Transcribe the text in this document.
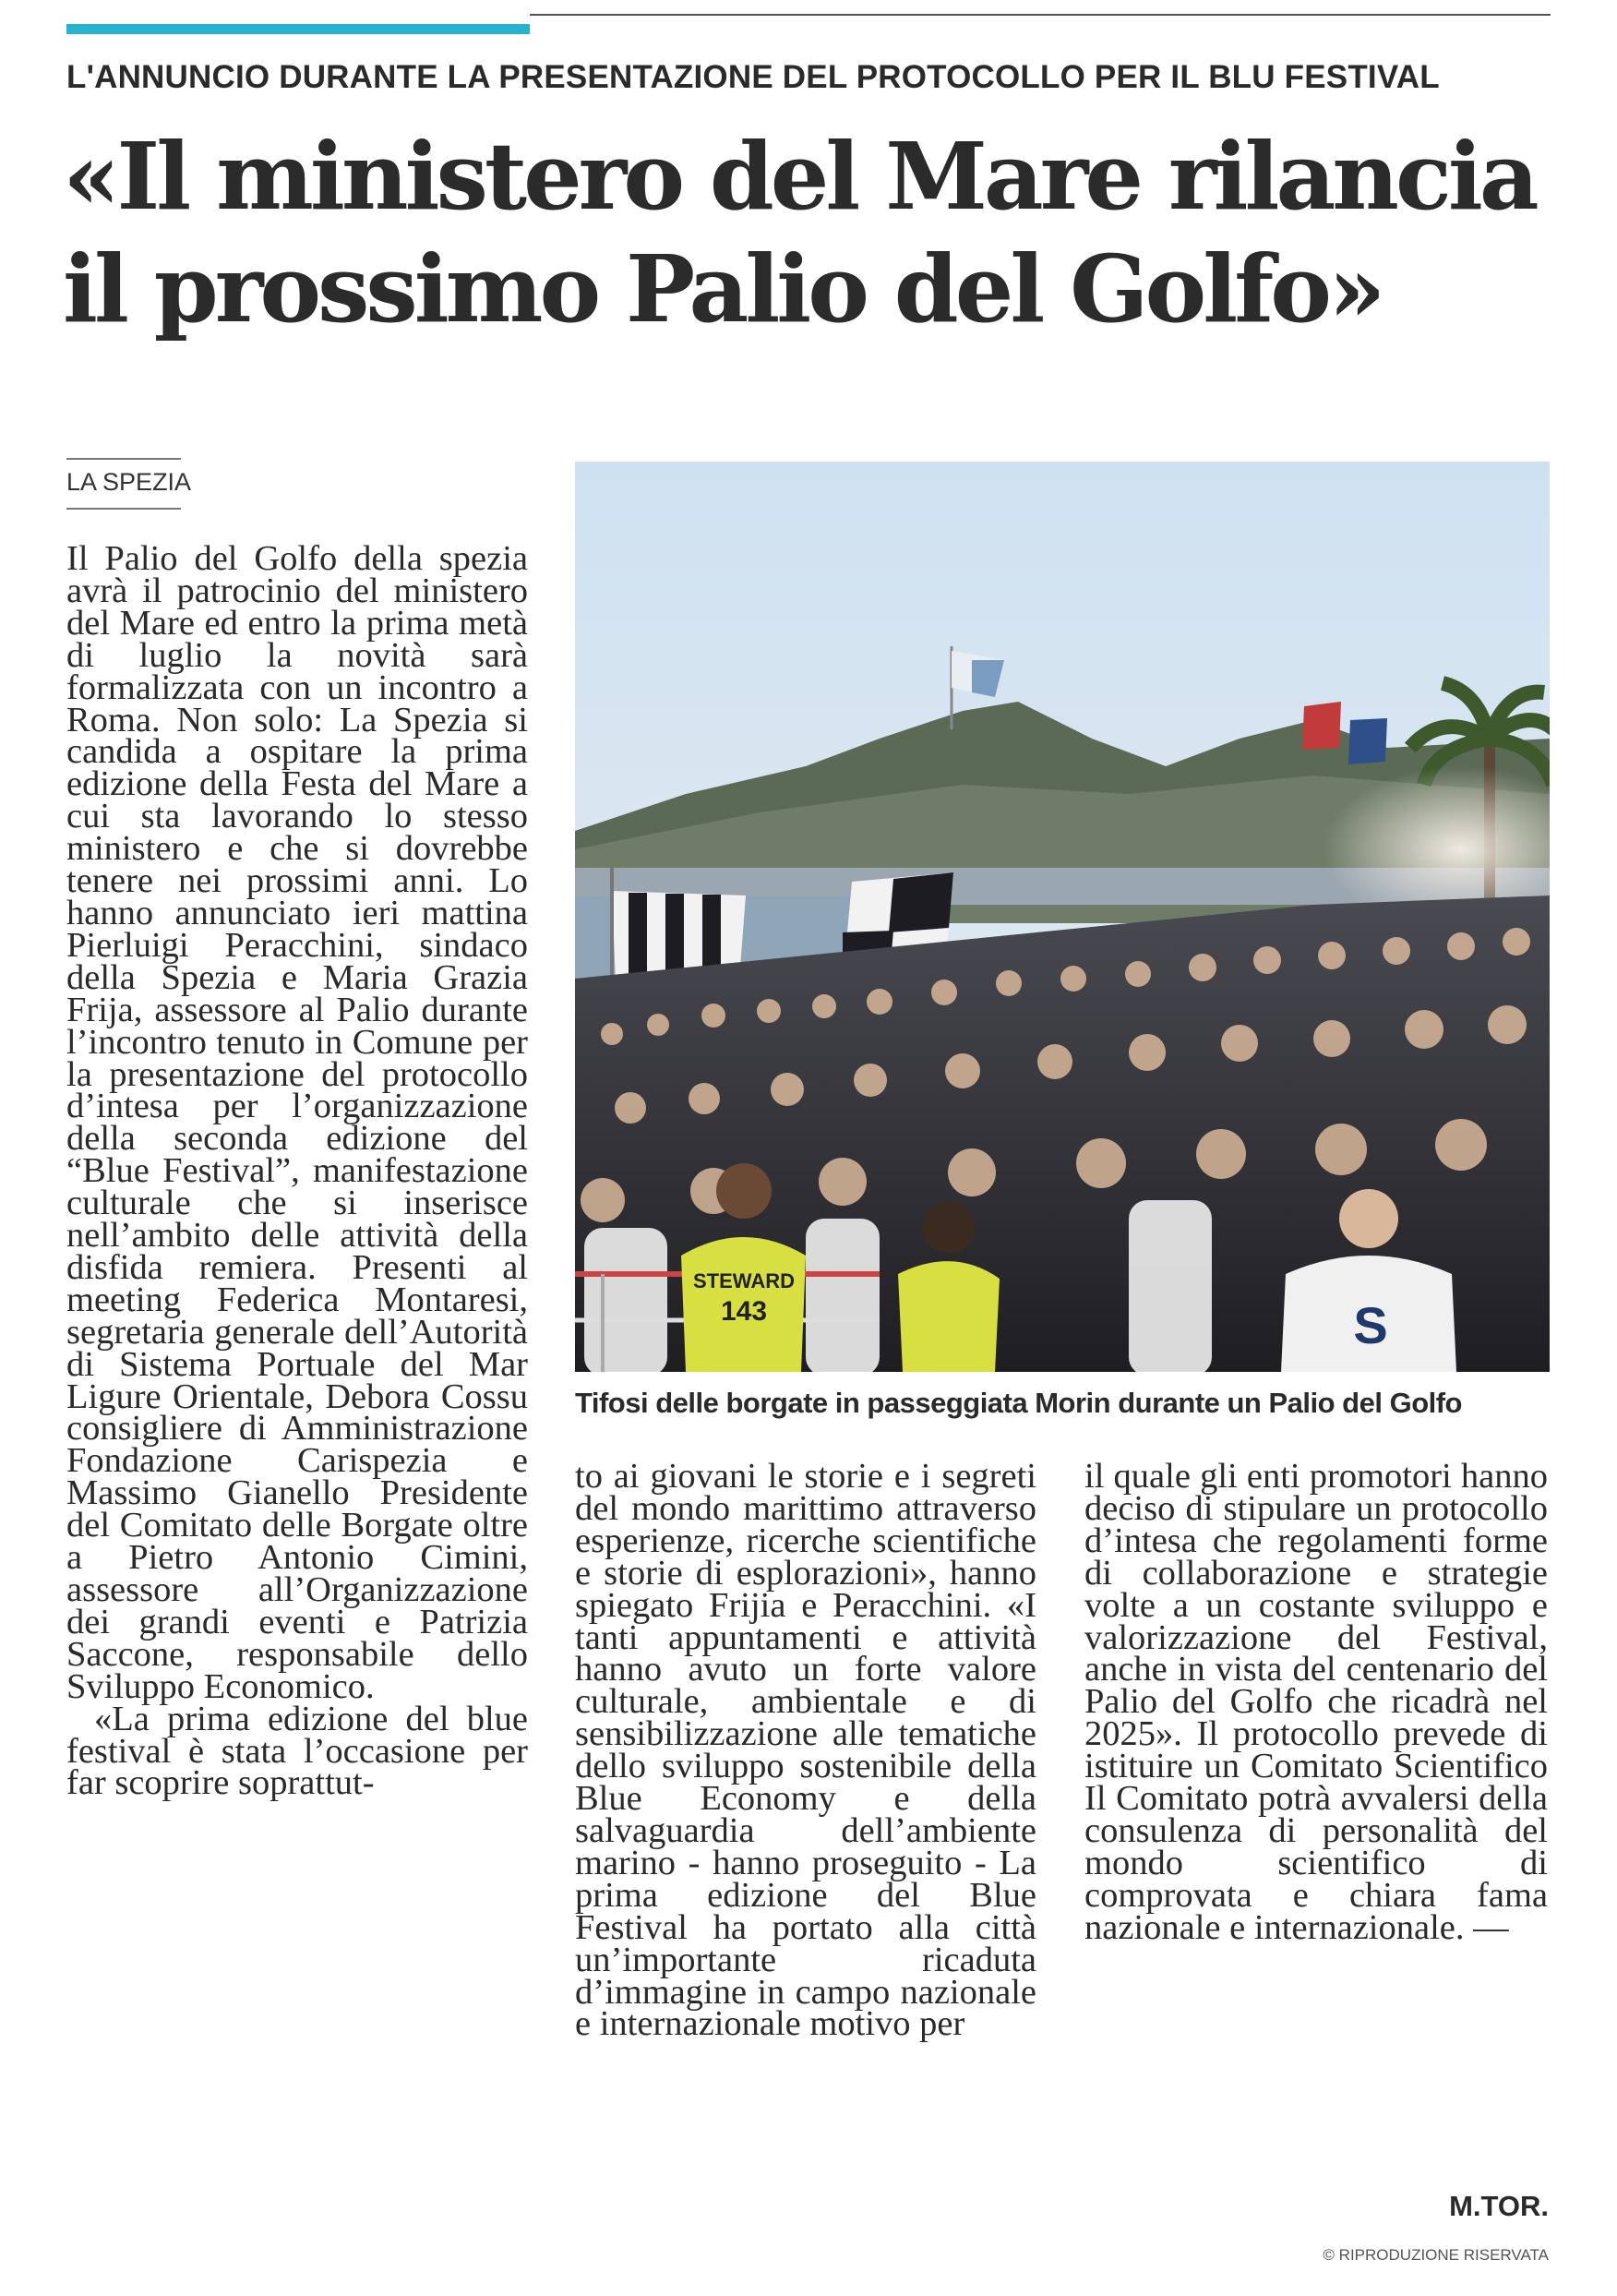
L'ANNUNCIO DURANTE LA PRESENTAZIONE DEL PROTOCOLLO PER IL BLU FESTIVAL
«Il ministero del Mare rilancia
il prossimo Palio del Golfo»
LA SPEZIA

Il Palio del Golfo della spezia avrà il patrocinio del ministero del Mare ed entro la prima metà di luglio la novità sarà formalizzata con un incontro a Roma. Non solo: La Spezia si candida a ospitare la prima edizione della Festa del Mare a cui sta lavorando lo stesso ministero e che si dovrebbe tenere nei prossimi anni. Lo hanno annunciato ieri mattina Pierluigi Peracchini, sindaco della Spezia e Maria Grazia Frija, assessore al Palio durante l’incontro tenuto in Comune per la presentazione del protocollo d’intesa per l’organizzazione della seconda edizione del “Blue Festival”, manifestazione culturale che si inserisce nell’ambito delle attività della disfida remiera. Presenti al meeting Federica Montaresi, segretaria generale dell’Autorità di Sistema Portuale del Mar Ligure Orientale, Debora Cossu consigliere di Amministrazione Fondazione Carispezia e Massimo Gianello Presidente del Comitato delle Borgate oltre a Pietro Antonio Cimini, assessore all’Organizzazione dei grandi eventi e Patrizia Saccone, responsabile dello Sviluppo Economico.

«La prima edizione del blue festival è stata l’occasione per far scoprire soprattut-

STEWARD
143	S
Tifosi delle borgate in passeggiata Morin durante un Palio del Golfo

to ai giovani le storie e i segreti del mondo marittimo attraverso esperienze, ricerche scientifiche e storie di esplorazioni», hanno spiegato Frijia e Peracchini. «I tanti appuntamenti e attività hanno avuto un forte valore culturale, ambientale e di sensibilizzazione alle tematiche dello sviluppo sostenibile della Blue Economy e della salvaguardia dell’ambiente marino - hanno proseguito - La prima edizione del Blue Festival ha portato alla città un’importante ricaduta d’immagine in campo nazionale e internazionale motivo per

il quale gli enti promotori hanno deciso di stipulare un protocollo d’intesa che regolamenti forme di collaborazione e strategie volte a un costante sviluppo e valorizzazione del Festival, anche in vista del centenario del Palio del Golfo che ricadrà nel 2025». Il protocollo prevede di istituire un Comitato Scientifico Il Comitato potrà avvalersi della consulenza di personalità del mondo scientifico di comprovata e chiara fama nazionale e internazionale. —

M.TOR.
© RIPRODUZIONE RISERVATA
